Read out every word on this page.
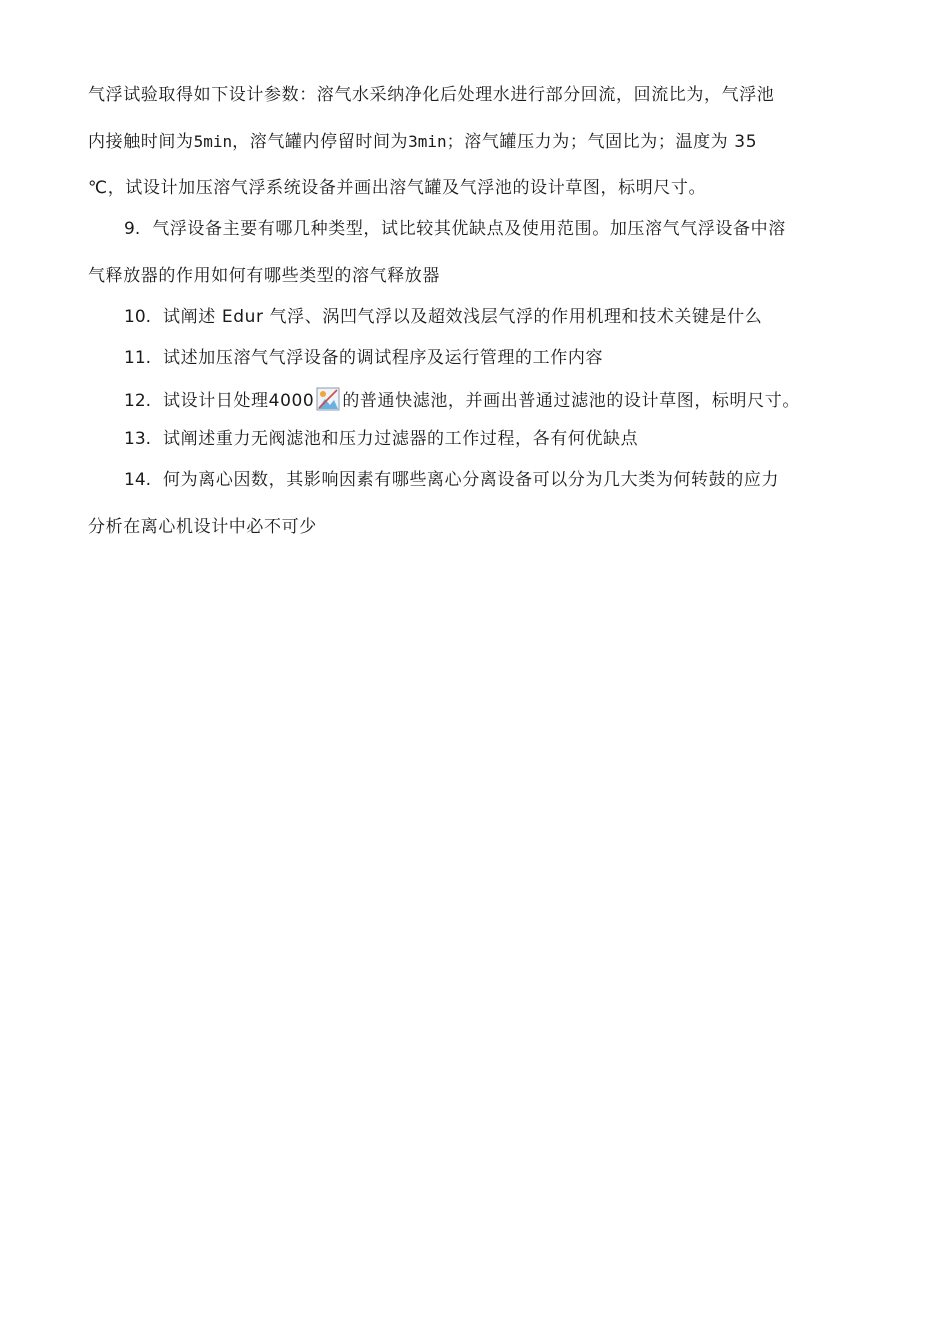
气浮试验取得如下设计参数：溶气水采纳净化后处理水进行部分回流，回流比为，气浮池
内接触时间为5min，溶气罐内停留时间为3min；溶气罐压力为；气固比为；温度为 35
℃，试设计加压溶气浮系统设备并画出溶气罐及气浮池的设计草图，标明尺寸。
9. 气浮设备主要有哪几种类型，试比较其优缺点及使用范围。加压溶气气浮设备中溶
气释放器的作用如何有哪些类型的溶气释放器
10. 试阐述 Edur 气浮、涡凹气浮以及超效浅层气浮的作用机理和技术关键是什么
11. 试述加压溶气气浮设备的调试程序及运行管理的工作内容
12. 试设计日处理4000 的普通快滤池，并画出普通过滤池的设计草图，标明尺寸。
13. 试阐述重力无阀滤池和压力过滤器的工作过程，各有何优缺点
14. 何为离心因数，其影响因素有哪些离心分离设备可以分为几大类为何转鼓的应力
分析在离心机设计中必不可少
